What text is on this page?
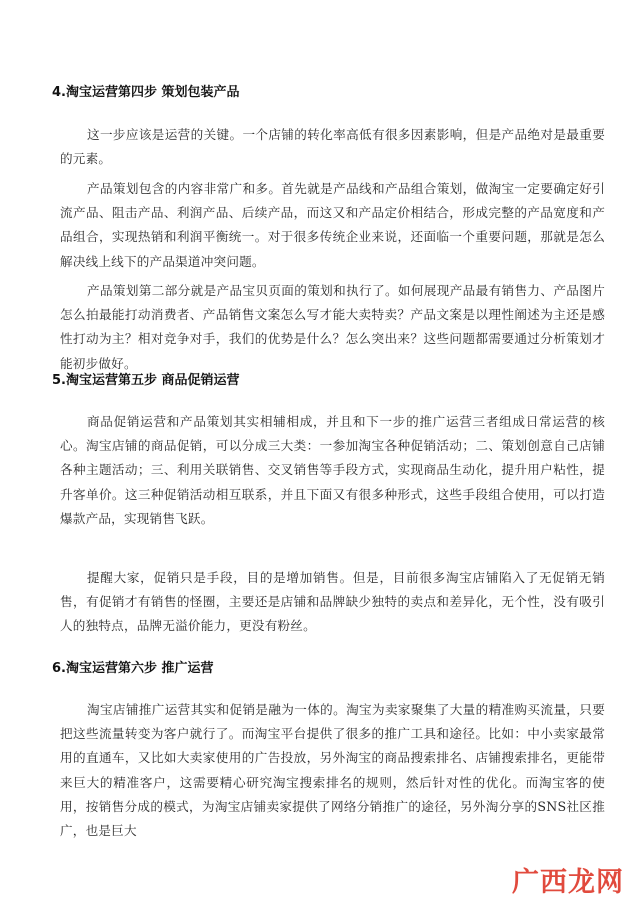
4.淘宝运营第四步 策划包装产品
这一步应该是运营的关键。一个店铺的转化率高低有很多因素影响，但是产品绝对是最重要的元素。
产品策划包含的内容非常广和多。首先就是产品线和产品组合策划，做淘宝一定要确定好引流产品、阻击产品、利润产品、后续产品，而这又和产品定价相结合，形成完整的产品宽度和产品组合，实现热销和利润平衡统一。对于很多传统企业来说，还面临一个重要问题，那就是怎么解决线上线下的产品渠道冲突问题。
产品策划第二部分就是产品宝贝页面的策划和执行了。如何展现产品最有销售力、产品图片怎么拍最能打动消费者、产品销售文案怎么写才能大卖特卖？产品文案是以理性阐述为主还是感性打动为主？相对竞争对手，我们的优势是什么？怎么突出来？这些问题都需要通过分析策划才能初步做好。
5.淘宝运营第五步 商品促销运营
商品促销运营和产品策划其实相辅相成，并且和下一步的推广运营三者组成日常运营的核心。淘宝店铺的商品促销，可以分成三大类：一参加淘宝各种促销活动；二、策划创意自己店铺各种主题活动；三、利用关联销售、交叉销售等手段方式，实现商品生动化，提升用户粘性，提升客单价。这三种促销活动相互联系，并且下面又有很多种形式，这些手段组合使用，可以打造爆款产品，实现销售飞跃。
提醒大家，促销只是手段，目的是增加销售。但是，目前很多淘宝店铺陷入了无促销无销售，有促销才有销售的怪圈，主要还是店铺和品牌缺少独特的卖点和差异化，无个性，没有吸引人的独特点，品牌无溢价能力，更没有粉丝。
6.淘宝运营第六步 推广运营
淘宝店铺推广运营其实和促销是融为一体的。淘宝为卖家聚集了大量的精准购买流量，只要把这些流量转变为客户就行了。而淘宝平台提供了很多的推广工具和途径。比如：中小卖家最常用的直通车，又比如大卖家使用的广告投放，另外淘宝的商品搜索排名、店铺搜索排名，更能带来巨大的精准客户，这需要精心研究淘宝搜索排名的规则，然后针对性的优化。而淘宝客的使用，按销售分成的模式，为淘宝店铺卖家提供了网络分销推广的途径，另外淘分享的SNS社区推广，也是巨大
广西龙网
